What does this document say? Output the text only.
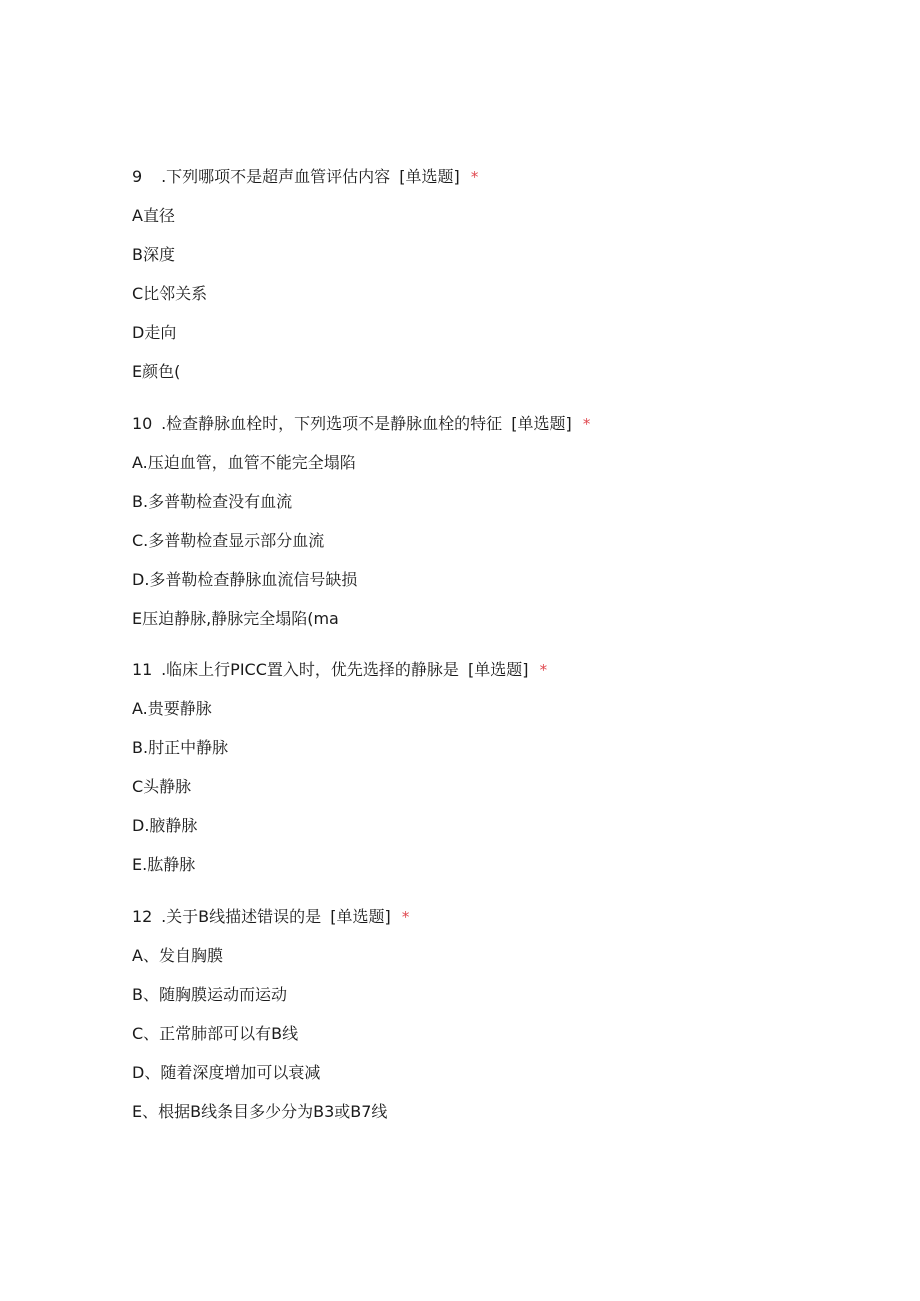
9 .下列哪项不是超声血管评估内容 [单选题] *

A直径
B深度
C比邻关系
D走向
E颜色(

10 .检查静脉血栓时，下列选项不是静脉血栓的特征 [单选题] *

A.压迫血管，血管不能完全塌陷
B.多普勒检查没有血流
C.多普勒检查显示部分血流
D.多普勒检查静脉血流信号缺损
E压迫静脉,静脉完全塌陷(ma

11 .临床上行PICC置入时，优先选择的静脉是 [单选题] *

A.贵要静脉
B.肘正中静脉
C头静脉
D.腋静脉
E.肱静脉

12 .关于B线描述错误的是 [单选题] *

A、发自胸膜
B、随胸膜运动而运动
C、正常肺部可以有B线
D、随着深度增加可以衰减
E、根据B线条目多少分为B3或B7线
